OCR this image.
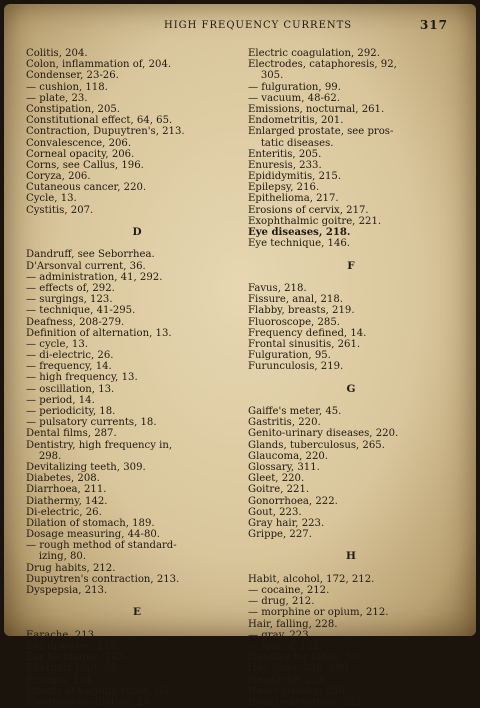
HIGH FREQUENCY CURRENTS	317
Colitis, 204.
Colon, inflammation of, 204.
Condenser, 23-26.
— cushion, 118.
— plate, 23.
Constipation, 205.
Constitutional effect, 64, 65.
Contraction, Dupuytren's, 213.
Convalescence, 206.
Corneal opacity, 206.
Corns, see Callus, 196.
Coryza, 206.
Cutaneous cancer, 220.
Cycle, 13.
Cystitis, 207.
D
Dandruff, see Seborrhea.
D'Arsonval current, 36.
— administration, 41, 292.
— effects of, 292.
— surgings, 123.
— technique, 41-295.
Deafness, 208-279.
Definition of alternation, 13.
— cycle, 13.
— di-electric, 26.
— frequency, 14.
— high frequency, 13.
— oscillation, 13.
— period, 14.
— periodicity, 18.
— pulsatory currents, 18.
Dental films, 287.
Dentistry, high frequency in,
298.
Devitalizing teeth, 309.
Diabetes, 208.
Diarrhoea, 211.
Diathermy, 142.
Di-electric, 26.
Dilation of stomach, 189.
Dosage measuring, 44-80.
— rough method of standard-
izing, 80.
Drug habits, 212.
Dupuytren's contraction, 213.
Dyspepsia, 213.
E
Earache, 213.
Ear diseases, 214.
Ear technique, 143.
Eberhart Unit, 82.
Eczema, 214.
Effects of vacuum tubes, 63.
Electrical oscillation, 28.
Electric coagulation, 292.
Electrodes, cataphoresis, 92,
305.
— fulguration, 99.
— vacuum, 48-62.
Emissions, nocturnal, 261.
Endometritis, 201.
Enlarged prostate, see pros-
tatic diseases.
Enteritis, 205.
Enuresis, 233.
Epididymitis, 215.
Epilepsy, 216.
Epithelioma, 217.
Erosions of cervix, 217.
Exophthalmic goitre, 221.
Eye diseases, 218.
Eye technique, 146.
F
Favus, 218.
Fissure, anal, 218.
Flabby, breasts, 219.
Fluoroscope, 285.
Frequency defined, 14.
Frontal sinusitis, 261.
Fulguration, 95.
Furunculosis, 219.
G
Gaiffe's meter, 45.
Gastritis, 220.
Genito-urinary diseases, 220.
Glands, tuberculosus, 265.
Glaucoma, 220.
Glossary, 311.
Gleet, 220.
Goitre, 221.
Gonorrhoea, 222.
Gout, 223.
Gray hair, 223.
Grippe, 227.
H
Habit, alcohol, 172, 212.
— cocaine, 212.
— drug, 212.
— morphine or opium, 212.
Hair, falling, 228.
— gray, 223.
— loss of, 172.
Handles for tubes, 56.
Hay fever, 228, 280.
Headache, 228.
Heart disease, 230.
Heat penetration, 292.
